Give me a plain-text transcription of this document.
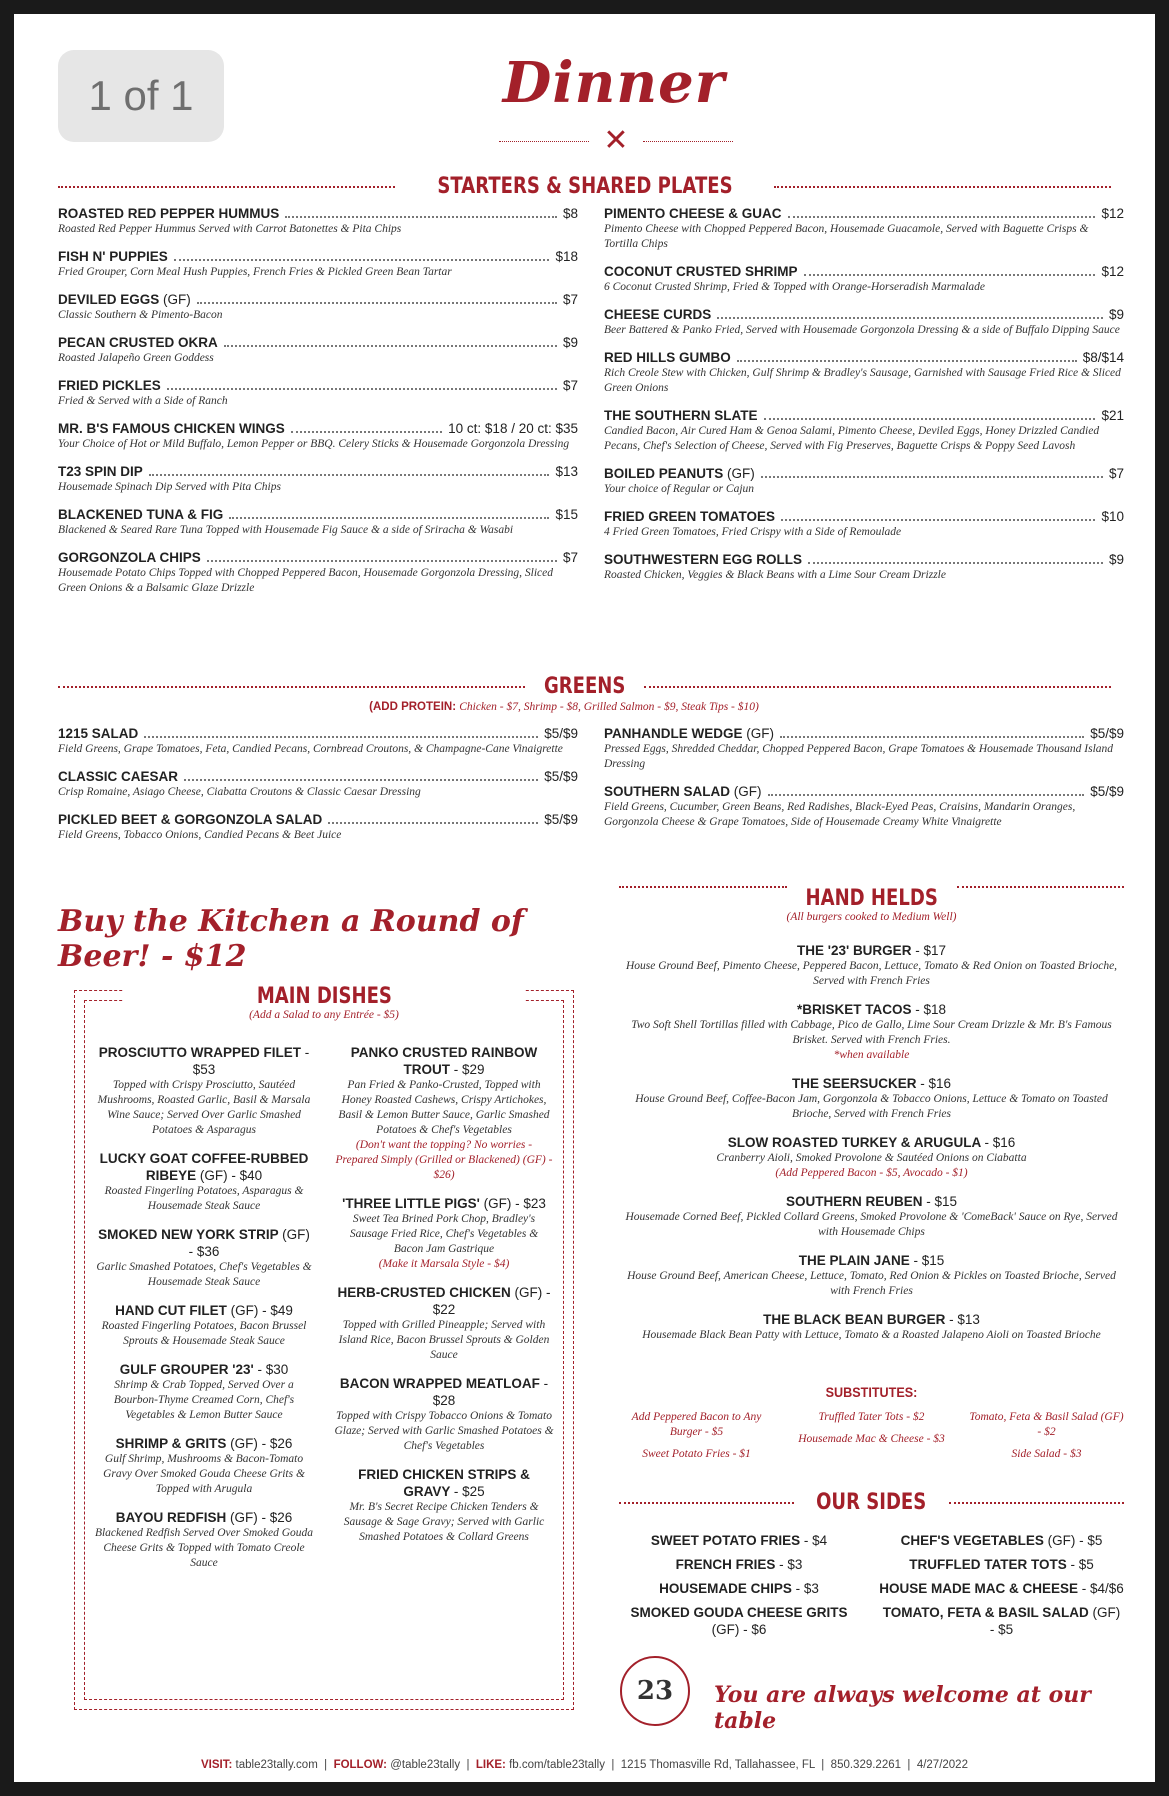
1 of 1	Dinner
✕
STARTERS & SHARED PLATES
ROASTED RED PEPPER HUMMUS	$8
Roasted Red Pepper Hummus Served with Carrot Batonettes & Pita Chips
FISH N' PUPPIES	$18
Fried Grouper, Corn Meal Hush Puppies, French Fries & Pickled Green Bean Tartar
DEVILED EGGS (GF)	$7
Classic Southern & Pimento-Bacon
PECAN CRUSTED OKRA	$9
Roasted Jalapeño Green Goddess
FRIED PICKLES	$7
Fried & Served with a Side of Ranch
MR. B'S FAMOUS CHICKEN WINGS	10 ct: $18 / 20 ct: $35
Your Choice of Hot or Mild Buffalo, Lemon Pepper or BBQ. Celery Sticks & Housemade Gorgonzola Dressing
T23 SPIN DIP	$13
Housemade Spinach Dip Served with Pita Chips
BLACKENED TUNA & FIG	$15
Blackened & Seared Rare Tuna Topped with Housemade Fig Sauce & a side of Sriracha & Wasabi
GORGONZOLA CHIPS	$7
Housemade Potato Chips Topped with Chopped Peppered Bacon, Housemade Gorgonzola Dressing, Sliced Green Onions & a Balsamic Glaze Drizzle
PIMENTO CHEESE & GUAC	$12
Pimento Cheese with Chopped Peppered Bacon, Housemade Guacamole, Served with Baguette Crisps & Tortilla Chips
COCONUT CRUSTED SHRIMP	$12
6 Coconut Crusted Shrimp, Fried & Topped with Orange-Horseradish Marmalade
CHEESE CURDS	$9
Beer Battered & Panko Fried, Served with Housemade Gorgonzola Dressing & a side of Buffalo Dipping Sauce
RED HILLS GUMBO	$8/$14
Rich Creole Stew with Chicken, Gulf Shrimp & Bradley's Sausage, Garnished with Sausage Fried Rice & Sliced Green Onions
THE SOUTHERN SLATE	$21
Candied Bacon, Air Cured Ham & Genoa Salami, Pimento Cheese, Deviled Eggs, Honey Drizzled Candied Pecans, Chef's Selection of Cheese, Served with Fig Preserves, Baguette Crisps & Poppy Seed Lavosh
BOILED PEANUTS (GF)	$7
Your choice of Regular or Cajun
FRIED GREEN TOMATOES	$10
4 Fried Green Tomatoes, Fried Crispy with a Side of Remoulade
SOUTHWESTERN EGG ROLLS	$9
Roasted Chicken, Veggies & Black Beans with a Lime Sour Cream Drizzle
GREENS
(ADD PROTEIN: Chicken - $7, Shrimp - $8, Grilled Salmon - $9, Steak Tips - $10)
1215 SALAD	$5/$9
Field Greens, Grape Tomatoes, Feta, Candied Pecans, Cornbread Croutons, & Champagne-Cane Vinaigrette
CLASSIC CAESAR	$5/$9
Crisp Romaine, Asiago Cheese, Ciabatta Croutons & Classic Caesar Dressing
PICKLED BEET & GORGONZOLA SALAD	$5/$9
Field Greens, Tobacco Onions, Candied Pecans & Beet Juice
PANHANDLE WEDGE (GF)	$5/$9
Pressed Eggs, Shredded Cheddar, Chopped Peppered Bacon, Grape Tomatoes & Housemade Thousand Island Dressing
SOUTHERN SALAD (GF)	$5/$9
Field Greens, Cucumber, Green Beans, Red Radishes, Black-Eyed Peas, Craisins, Mandarin Oranges, Gorgonzola Cheese & Grape Tomatoes, Side of Housemade Creamy White Vinaigrette
Buy the Kitchen a Round of Beer! - $12
MAIN DISHES
(Add a Salad to any Entrée - $5)
PROSCIUTTO WRAPPED FILET - $53
Topped with Crispy Prosciutto, Sautéed Mushrooms, Roasted Garlic, Basil & Marsala Wine Sauce; Served Over Garlic Smashed Potatoes & Asparagus
LUCKY GOAT COFFEE-RUBBED RIBEYE (GF) - $40
Roasted Fingerling Potatoes, Asparagus & Housemade Steak Sauce
SMOKED NEW YORK STRIP (GF) - $36
Garlic Smashed Potatoes, Chef's Vegetables & Housemade Steak Sauce
HAND CUT FILET (GF) - $49
Roasted Fingerling Potatoes, Bacon Brussel Sprouts & Housemade Steak Sauce
GULF GROUPER '23' - $30
Shrimp & Crab Topped, Served Over a Bourbon-Thyme Creamed Corn, Chef's Vegetables & Lemon Butter Sauce
SHRIMP & GRITS (GF) - $26
Gulf Shrimp, Mushrooms & Bacon-Tomato Gravy Over Smoked Gouda Cheese Grits & Topped with Arugula
BAYOU REDFISH (GF) - $26
Blackened Redfish Served Over Smoked Gouda Cheese Grits & Topped with Tomato Creole Sauce
PANKO CRUSTED RAINBOW TROUT - $29
Pan Fried & Panko-Crusted, Topped with Honey Roasted Cashews, Crispy Artichokes, Basil & Lemon Butter Sauce, Garlic Smashed Potatoes & Chef's Vegetables
(Don't want the topping? No worries - Prepared Simply (Grilled or Blackened) (GF) - $26)
'THREE LITTLE PIGS' (GF) - $23
Sweet Tea Brined Pork Chop, Bradley's Sausage Fried Rice, Chef's Vegetables & Bacon Jam Gastrique
(Make it Marsala Style - $4)
HERB-CRUSTED CHICKEN (GF) - $22
Topped with Grilled Pineapple; Served with Island Rice, Bacon Brussel Sprouts & Golden Sauce
BACON WRAPPED MEATLOAF - $28
Topped with Crispy Tobacco Onions & Tomato Glaze; Served with Garlic Smashed Potatoes & Chef's Vegetables
FRIED CHICKEN STRIPS & GRAVY - $25
Mr. B's Secret Recipe Chicken Tenders & Sausage & Sage Gravy; Served with Garlic Smashed Potatoes & Collard Greens
HAND HELDS
(All burgers cooked to Medium Well)
THE '23' BURGER - $17
House Ground Beef, Pimento Cheese, Peppered Bacon, Lettuce, Tomato & Red Onion on Toasted Brioche, Served with French Fries
*BRISKET TACOS - $18
Two Soft Shell Tortillas filled with Cabbage, Pico de Gallo, Lime Sour Cream Drizzle & Mr. B's Famous Brisket. Served with French Fries.
*when available
THE SEERSUCKER - $16
House Ground Beef, Coffee-Bacon Jam, Gorgonzola & Tobacco Onions, Lettuce & Tomato on Toasted Brioche, Served with French Fries
SLOW ROASTED TURKEY & ARUGULA - $16
Cranberry Aioli, Smoked Provolone & Sautéed Onions on Ciabatta
(Add Peppered Bacon - $5, Avocado - $1)
SOUTHERN REUBEN - $15
Housemade Corned Beef, Pickled Collard Greens, Smoked Provolone & 'ComeBack' Sauce on Rye, Served with Housemade Chips
THE PLAIN JANE - $15
House Ground Beef, American Cheese, Lettuce, Tomato, Red Onion & Pickles on Toasted Brioche, Served with French Fries
THE BLACK BEAN BURGER - $13
Housemade Black Bean Patty with Lettuce, Tomato & a Roasted Jalapeno Aioli on Toasted Brioche
SUBSTITUTES:

Add Peppered Bacon to Any Burger - $5

Sweet Potato Fries - $1

Truffled Tater Tots - $2

Housemade Mac & Cheese - $3

Tomato, Feta & Basil Salad (GF) - $2

Side Salad - $3

OUR SIDES

SWEET POTATO FRIES - $4

FRENCH FRIES - $3

HOUSEMADE CHIPS - $3

SMOKED GOUDA CHEESE GRITS (GF) - $6

CHEF'S VEGETABLES (GF) - $5

TRUFFLED TATER TOTS - $5

HOUSE MADE MAC & CHEESE - $4/$6

TOMATO, FETA & BASIL SALAD (GF) - $5

23	You are always welcome at our table
VISIT: table23tally.com  |  FOLLOW: @table23tally  |  LIKE: fb.com/table23tally  |  1215 Thomasville Rd, Tallahassee, FL  |  850.329.2261  |  4/27/2022
